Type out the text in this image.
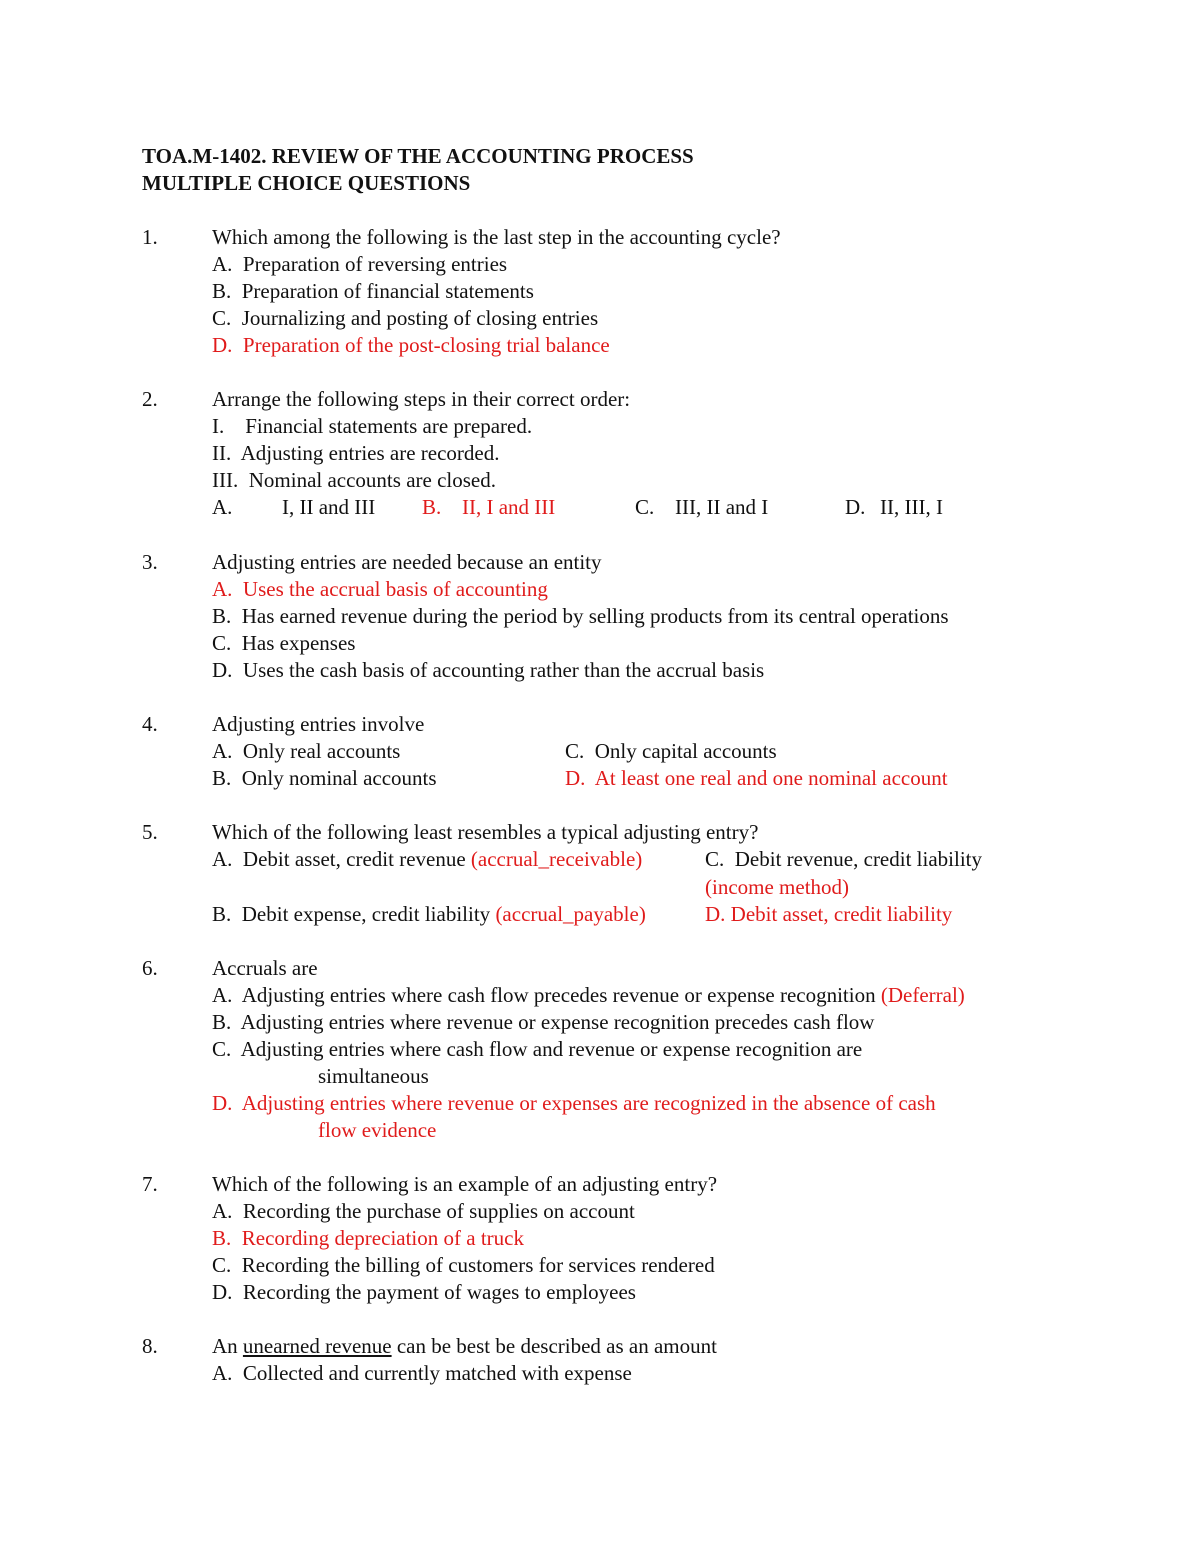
TOA.M-1402. REVIEW OF THE ACCOUNTING PROCESS
MULTIPLE CHOICE QUESTIONS
1.	Which among the following is the last step in the accounting cycle?
A.  Preparation of reversing entries
B.  Preparation of financial statements
C.  Journalizing and posting of closing entries
D.  Preparation of the post-closing trial balance
2.	Arrange the following steps in their correct order:
I.    Financial statements are prepared.
II.  Adjusting entries are recorded.
III.  Nominal accounts are closed.
A. I, II and III B. II, I and III	C. III, II and I	D. II, III, I
3.	Adjusting entries are needed because an entity
A.  Uses the accrual basis of accounting
B.  Has earned revenue during the period by selling products from its central operations
C.  Has expenses
D.  Uses the cash basis of accounting rather than the accrual basis
4.	Adjusting entries involve
A.  Only real accounts	C.  Only capital accounts
B.  Only nominal accounts	D.  At least one real and one nominal account
5.	Which of the following least resembles a typical adjusting entry?
A.  Debit asset, credit revenue (accrual_receivable)	C.  Debit revenue, credit liability
(income method)
B.  Debit expense, credit liability (accrual_payable)	D. Debit asset, credit liability
6.	Accruals are
A.  Adjusting entries where cash flow precedes revenue or expense recognition (Deferral)
B.  Adjusting entries where revenue or expense recognition precedes cash flow
C.  Adjusting entries where cash flow and revenue or expense recognition are
simultaneous
D.  Adjusting entries where revenue or expenses are recognized in the absence of cash
flow evidence
7.	Which of the following is an example of an adjusting entry?
A.  Recording the purchase of supplies on account
B.  Recording depreciation of a truck
C.  Recording the billing of customers for services rendered
D.  Recording the payment of wages to employees
8.	An unearned revenue can be best be described as an amount
A.  Collected and currently matched with expense
